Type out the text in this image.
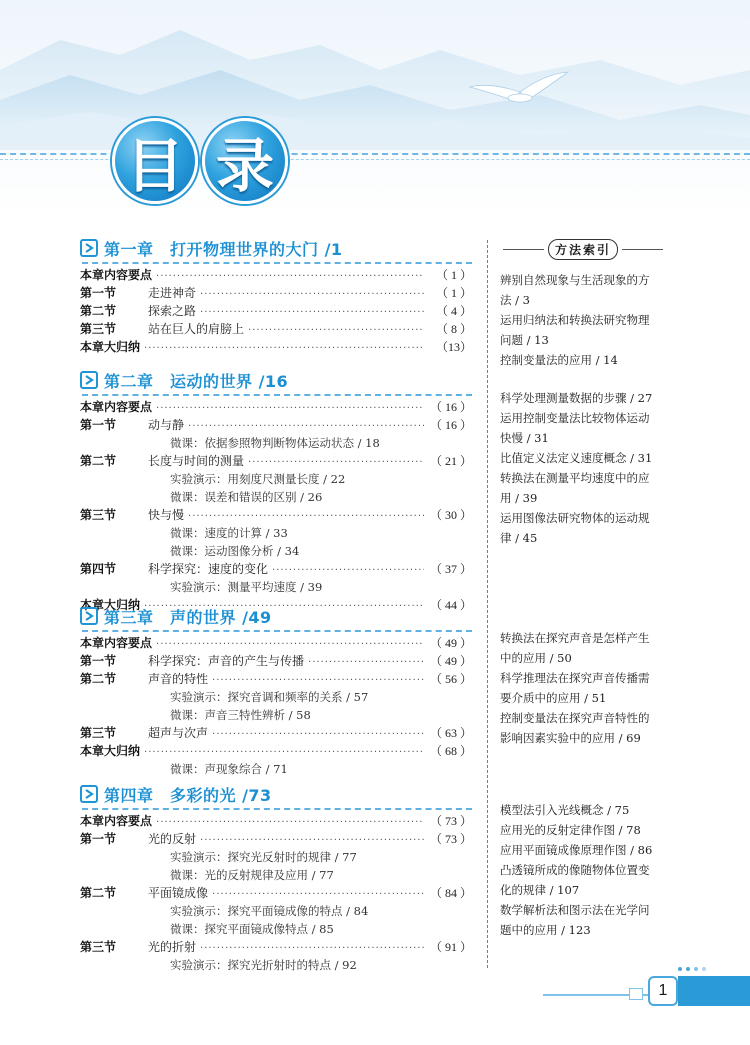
目 录
第一章　打开物理世界的大门 /1
本章内容要点 ·····	（ 1 ）
第一节	走进神奇 ·····	（ 1 ）
第二节	探索之路 ·····	（ 4 ）
第三节	站在巨人的肩膀上 ·····	（ 8 ）
本章大归纳 ·····	（13）
第二章　运动的世界 /16
本章内容要点 ·····	（ 16 ）
第一节	动与静 ·····	（ 16 ）
微课：依据参照物判断物体运动状态 / 18
第二节	长度与时间的测量 ·····	（ 21 ）
实验演示：用刻度尺测量长度 / 22
微课：误差和错误的区别 / 26
第三节	快与慢 ·····	（ 30 ）
微课：速度的计算 / 33
微课：运动图像分析 / 34
第四节	科学探究：速度的变化 ·····	（ 37 ）
实验演示：测量平均速度 / 39
本章大归纳 ·····	（ 44 ）
第三章　声的世界 /49
本章内容要点 ·····	（ 49 ）
第一节	科学探究：声音的产生与传播 ·····	（ 49 ）
第二节	声音的特性 ·····	（ 56 ）
实验演示：探究音调和频率的关系 / 57
微课：声音三特性辨析 / 58
第三节	超声与次声 ·····	（ 63 ）
本章大归纳 ·····	（ 68 ）
微课：声现象综合 / 71
第四章　多彩的光 /73
本章内容要点 ·····	（ 73 ）
第一节	光的反射 ·····	（ 73 ）
实验演示：探究光反射时的规律 / 77
微课：光的反射规律及应用 / 77
第二节	平面镜成像 ·····	（ 84 ）
实验演示：探究平面镜成像的特点 / 84
微课：探究平面镜成像特点 / 85
第三节	光的折射 ·····	（ 91 ）
实验演示：探究光折射时的特点 / 92
方法索引

辨别自然现象与生活现象的方

法 / 3

运用归纳法和转换法研究物理

问题 / 13

控制变量法的应用 / 14

科学处理测量数据的步骤 / 27

运用控制变量法比较物体运动

快慢 / 31

比值定义法定义速度概念 / 31

转换法在测量平均速度中的应

用 / 39

运用图像法研究物体的运动规

律 / 45

转换法在探究声音是怎样产生

中的应用 / 50

科学推理法在探究声音传播需

要介质中的应用 / 51

控制变量法在探究声音特性的

影响因素实验中的应用 / 69

模型法引入光线概念 / 75

应用光的反射定律作图 / 78

应用平面镜成像原理作图 / 86

凸透镜所成的像随物体位置变

化的规律 / 107

数学解析法和图示法在光学问

题中的应用 / 123

1
